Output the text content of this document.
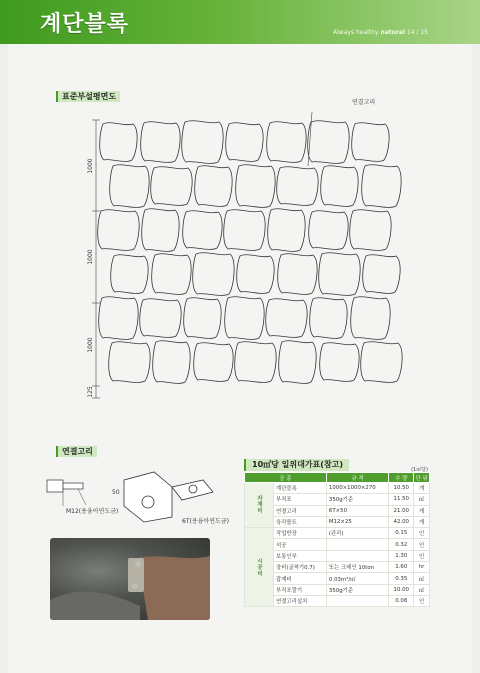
계단블록	Always healthy natural 14 / 15
표준부설평면도
연결고리
1000
1000
1000
125
연결고리
M12(용융아연도금)
50
6T(용융아연도금)
10㎡당 일위대가표(참고)
(1㎡당)
공 종		규 격	수 량	단 위
자재비	계단블록	1000×1000×270	10.50	개
	부직포	350g기준	11.50	㎡
	연결고리	6T×50	21.00	개
	육각볼트	M12×25	42.00	개
시공비	작업반장	(관리)	0.15	인
	석공		0.32	인
	보통인부		1.30	인
	장비(굴착기0.7)	또는 크레인 10ton	1.60	hr
	잡재비	0.03m³/㎡	0.35	㎡
	부직포깔기	350g기준	10.00	㎡
	연결고리설치		0.08	인
